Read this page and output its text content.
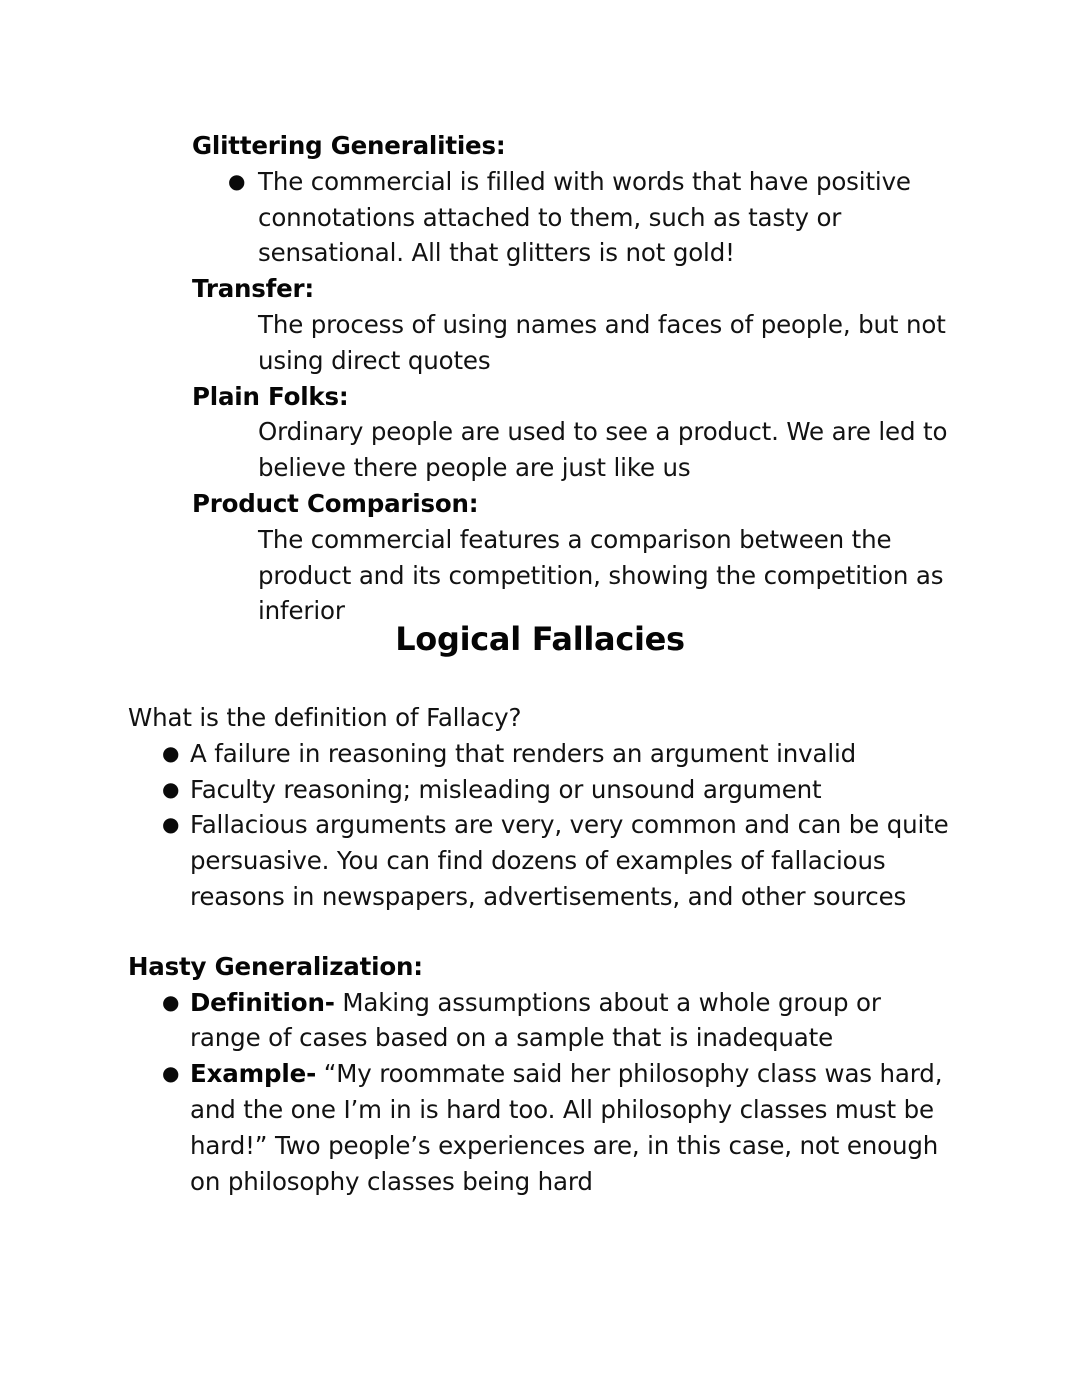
Glittering Generalities:
● The commercial is filled with words that have positive connotations attached to them, such as tasty or sensational. All that glitters is not gold!
Transfer:
The process of using names and faces of people, but not using direct quotes
Plain Folks:
Ordinary people are used to see a product. We are led to believe there people are just like us
Product Comparison:
The commercial features a comparison between the product and its competition, showing the competition as inferior
Logical Fallacies
What is the definition of Fallacy?
● A failure in reasoning that renders an argument invalid
● Faculty reasoning; misleading or unsound argument
● Fallacious arguments are very, very common and can be quite persuasive. You can find dozens of examples of fallacious reasons in newspapers, advertisements, and other sources
Hasty Generalization:
● Definition- Making assumptions about a whole group or range of cases based on a sample that is inadequate
● Example- “My roommate said her philosophy class was hard, and the one I’m in is hard too. All philosophy classes must be hard!” Two people’s experiences are, in this case, not enough on philosophy classes being hard
